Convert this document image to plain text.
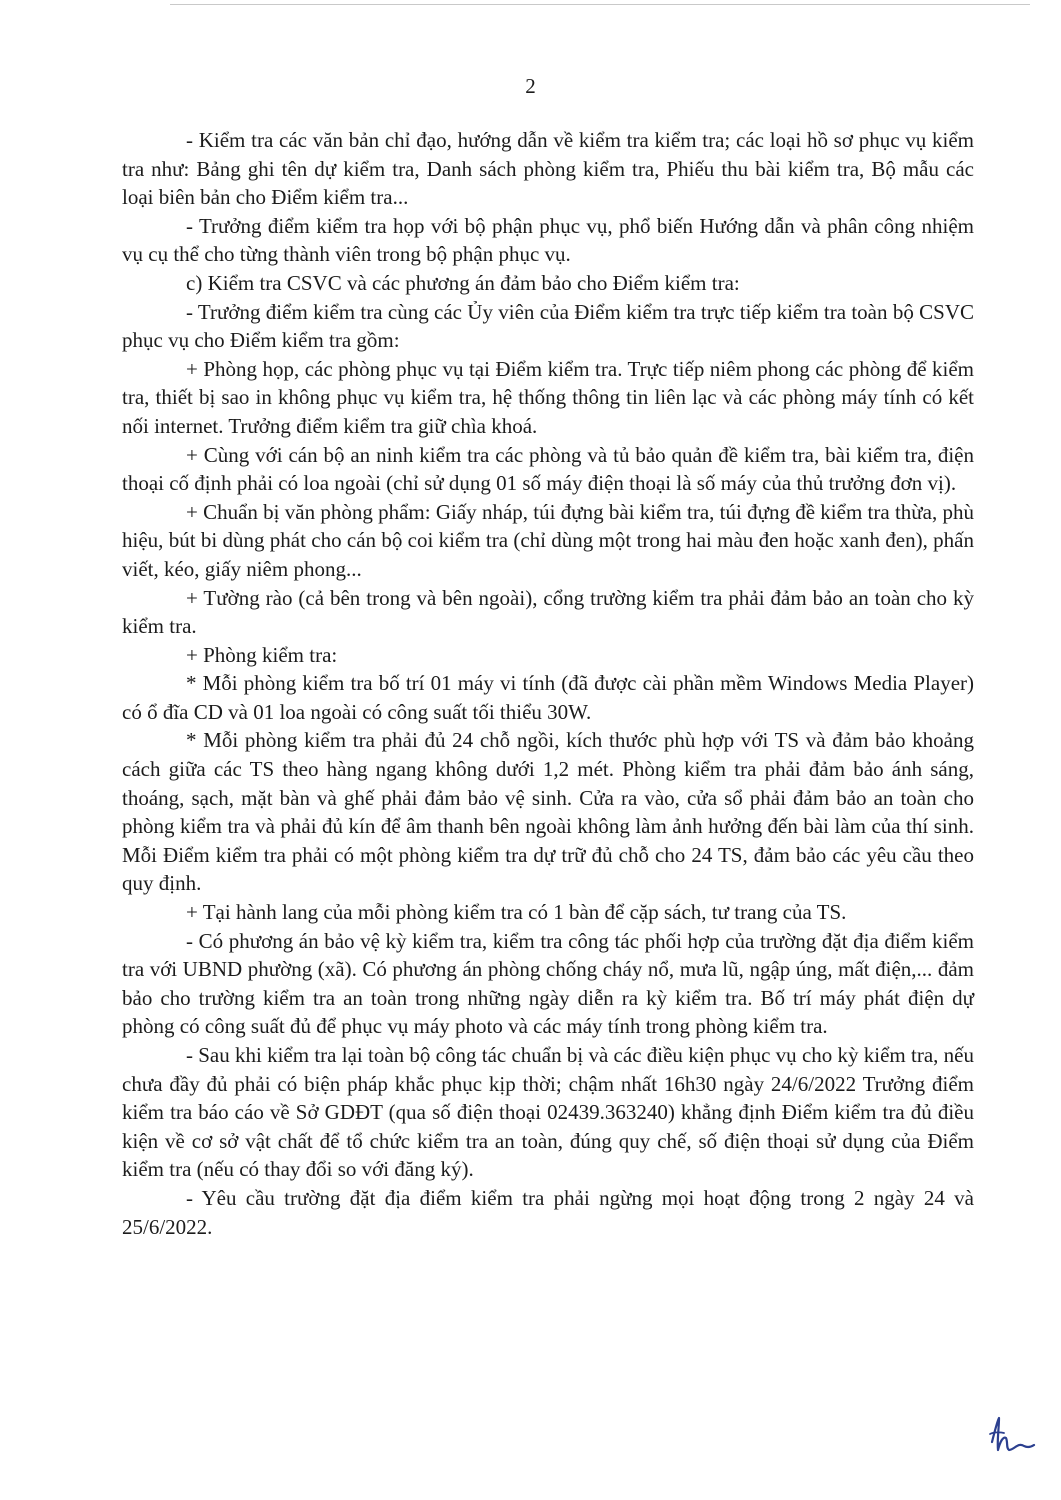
2

- Kiểm tra các văn bản chỉ đạo, hướng dẫn về kiểm tra kiểm tra; các loại hồ sơ phục vụ kiểm tra như: Bảng ghi tên dự kiểm tra, Danh sách phòng kiểm tra, Phiếu thu bài kiểm tra, Bộ mẫu các loại biên bản cho Điểm kiểm tra...

- Trưởng điểm kiểm tra họp với bộ phận phục vụ, phổ biến Hướng dẫn và phân công nhiệm vụ cụ thể cho từng thành viên trong bộ phận phục vụ.

c) Kiểm tra CSVC và các phương án đảm bảo cho Điểm kiểm tra:

- Trưởng điểm kiểm tra cùng các Ủy viên của Điểm kiểm tra trực tiếp kiểm tra toàn bộ CSVC phục vụ cho Điểm kiểm tra gồm:

+ Phòng họp, các phòng phục vụ tại Điểm kiểm tra. Trực tiếp niêm phong các phòng để kiểm tra, thiết bị sao in không phục vụ kiểm tra, hệ thống thông tin liên lạc và các phòng máy tính có kết nối internet. Trưởng điểm kiểm tra giữ chìa khoá.

+ Cùng với cán bộ an ninh kiểm tra các phòng và tủ bảo quản đề kiểm tra, bài kiểm tra, điện thoại cố định phải có loa ngoài (chỉ sử dụng 01 số máy điện thoại là số máy của thủ trưởng đơn vị).

+ Chuẩn bị văn phòng phẩm: Giấy nháp, túi đựng bài kiểm tra, túi đựng đề kiểm tra thừa, phù hiệu, bút bi dùng phát cho cán bộ coi kiểm tra (chỉ dùng một trong hai màu đen hoặc xanh đen), phấn viết, kéo, giấy niêm phong...

+ Tường rào (cả bên trong và bên ngoài), cổng trường kiểm tra phải đảm bảo an toàn cho kỳ kiểm tra.

+ Phòng kiểm tra:

* Mỗi phòng kiểm tra bố trí 01 máy vi tính (đã được cài phần mềm Windows Media Player) có ổ đĩa CD và 01 loa ngoài có công suất tối thiểu 30W.

* Mỗi phòng kiểm tra phải đủ 24 chỗ ngồi, kích thước phù hợp với TS và đảm bảo khoảng cách giữa các TS theo hàng ngang không dưới 1,2 mét. Phòng kiểm tra phải đảm bảo ánh sáng, thoáng, sạch, mặt bàn và ghế phải đảm bảo vệ sinh. Cửa ra vào, cửa sổ phải đảm bảo an toàn cho phòng kiểm tra và phải đủ kín để âm thanh bên ngoài không làm ảnh hưởng đến bài làm của thí sinh. Mỗi Điểm kiểm tra phải có một phòng kiểm tra dự trữ đủ chỗ cho 24 TS, đảm bảo các yêu cầu theo quy định.

+ Tại hành lang của mỗi phòng kiểm tra có 1 bàn để cặp sách, tư trang của TS.

- Có phương án bảo vệ kỳ kiểm tra, kiểm tra công tác phối hợp của trường đặt địa điểm kiểm tra với UBND phường (xã). Có phương án phòng chống cháy nổ, mưa lũ, ngập úng, mất điện,... đảm bảo cho trường kiểm tra an toàn trong những ngày diễn ra kỳ kiểm tra. Bố trí máy phát điện dự phòng có công suất đủ để phục vụ máy photo và các máy tính trong phòng kiểm tra.

- Sau khi kiểm tra lại toàn bộ công tác chuẩn bị và các điều kiện phục vụ cho kỳ kiểm tra, nếu chưa đầy đủ phải có biện pháp khắc phục kịp thời; chậm nhất 16h30 ngày 24/6/2022 Trưởng điểm kiểm tra báo cáo về Sở GDĐT (qua số điện thoại 02439.363240) khẳng định Điểm kiểm tra đủ điều kiện về cơ sở vật chất để tổ chức kiểm tra an toàn, đúng quy chế, số điện thoại sử dụng của Điểm kiểm tra (nếu có thay đổi so với đăng ký).

- Yêu cầu trường đặt địa điểm kiểm tra phải ngừng mọi hoạt động trong 2 ngày 24 và 25/6/2022.
